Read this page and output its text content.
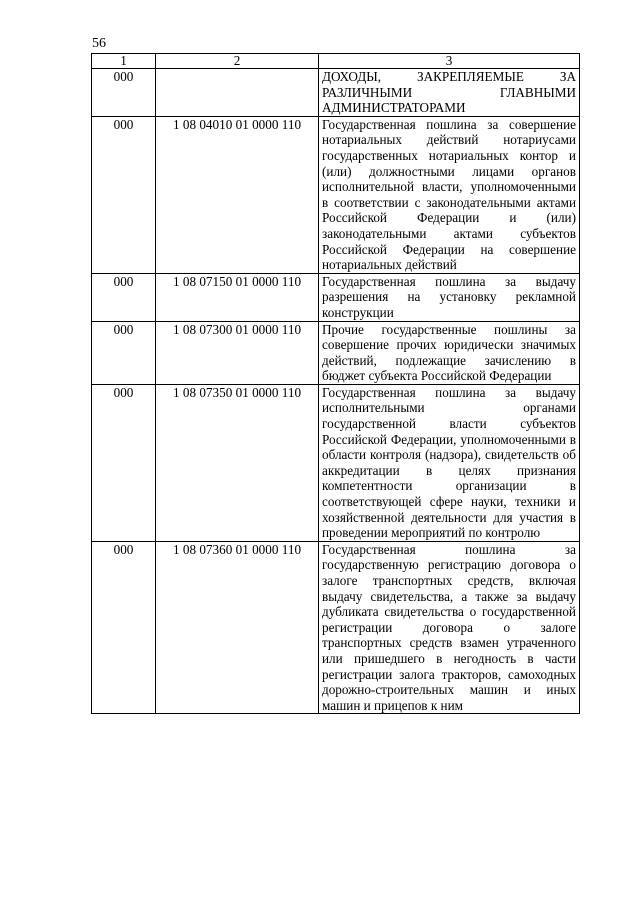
56
1	2	3
000		ДОХОДЫ, ЗАКРЕПЛЯЕМЫЕ ЗА РАЗЛИЧНЫМИ ГЛАВНЫМИ АДМИНИСТРАТОРАМИ
000	1 08 04010 01 0000 110	Государственная пошлина за совершение нотариальных действий нотариусами государственных нотариальных контор и (или) должностными лицами органов исполнительной власти, уполномоченными в соответствии с законодательными актами Российской Федерации и (или) законодательными актами субъектов Российской Федерации на совершение нотариальных действий
000	1 08 07150 01 0000 110	Государственная пошлина за выдачу разрешения на установку рекламной конструкции
000	1 08 07300 01 0000 110	Прочие государственные пошлины за совершение прочих юридически значимых действий, подлежащие зачислению в бюджет субъекта Российской Федерации
000	1 08 07350 01 0000 110	Государственная пошлина за выдачу исполнительными органами государственной власти субъектов Российской Федерации, уполномоченными в области контроля (надзора), свидетельств об аккредитации в целях признания компетентности организации в соответствующей сфере науки, техники и хозяйственной деятельности для участия в проведении мероприятий по контролю
000	1 08 07360 01 0000 110	Государственная пошлина за государственную регистрацию договора о залоге транспортных средств, включая выдачу свидетельства, а также за выдачу дубликата свидетельства о государственной регистрации договора о залоге транспортных средств взамен утраченного или пришедшего в негодность в части регистрации залога тракторов, самоходных дорожно-строительных машин и иных машин и прицепов к ним
